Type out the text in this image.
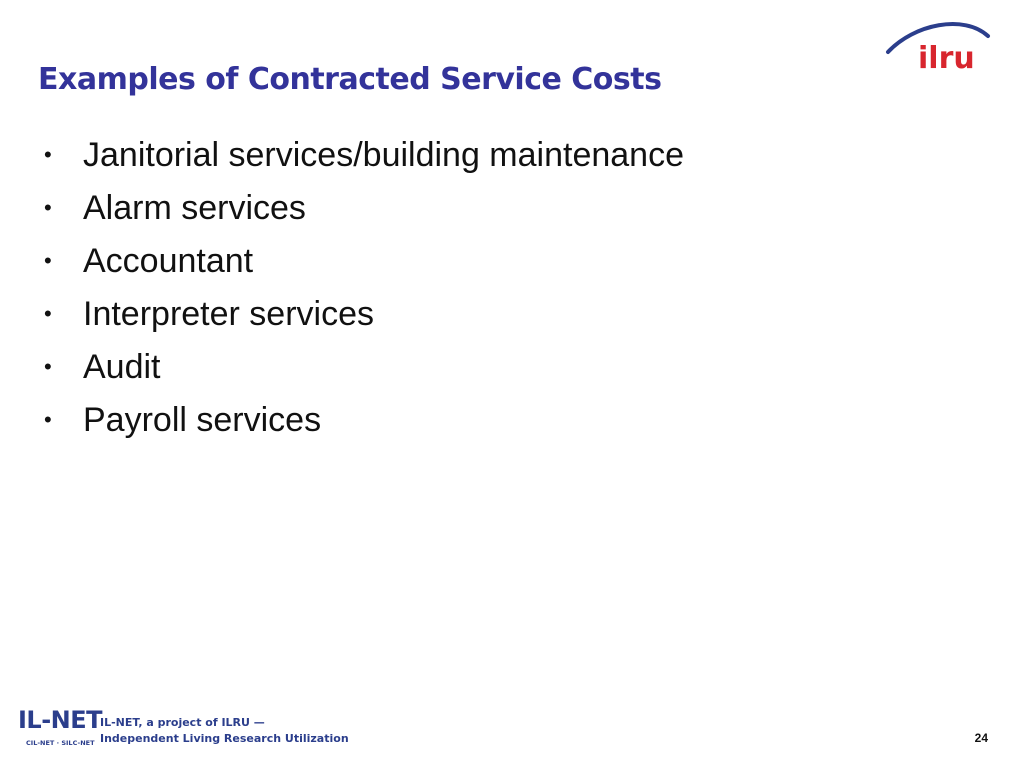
ilru
Examples of Contracted Service Costs
• Janitorial services/building maintenance
• Alarm services
• Accountant
• Interpreter services
• Audit
• Payroll services
IL-NET
CIL-NET · SILC-NET
IL-NET, a project of ILRU —
Independent Living Research Utilization	24
